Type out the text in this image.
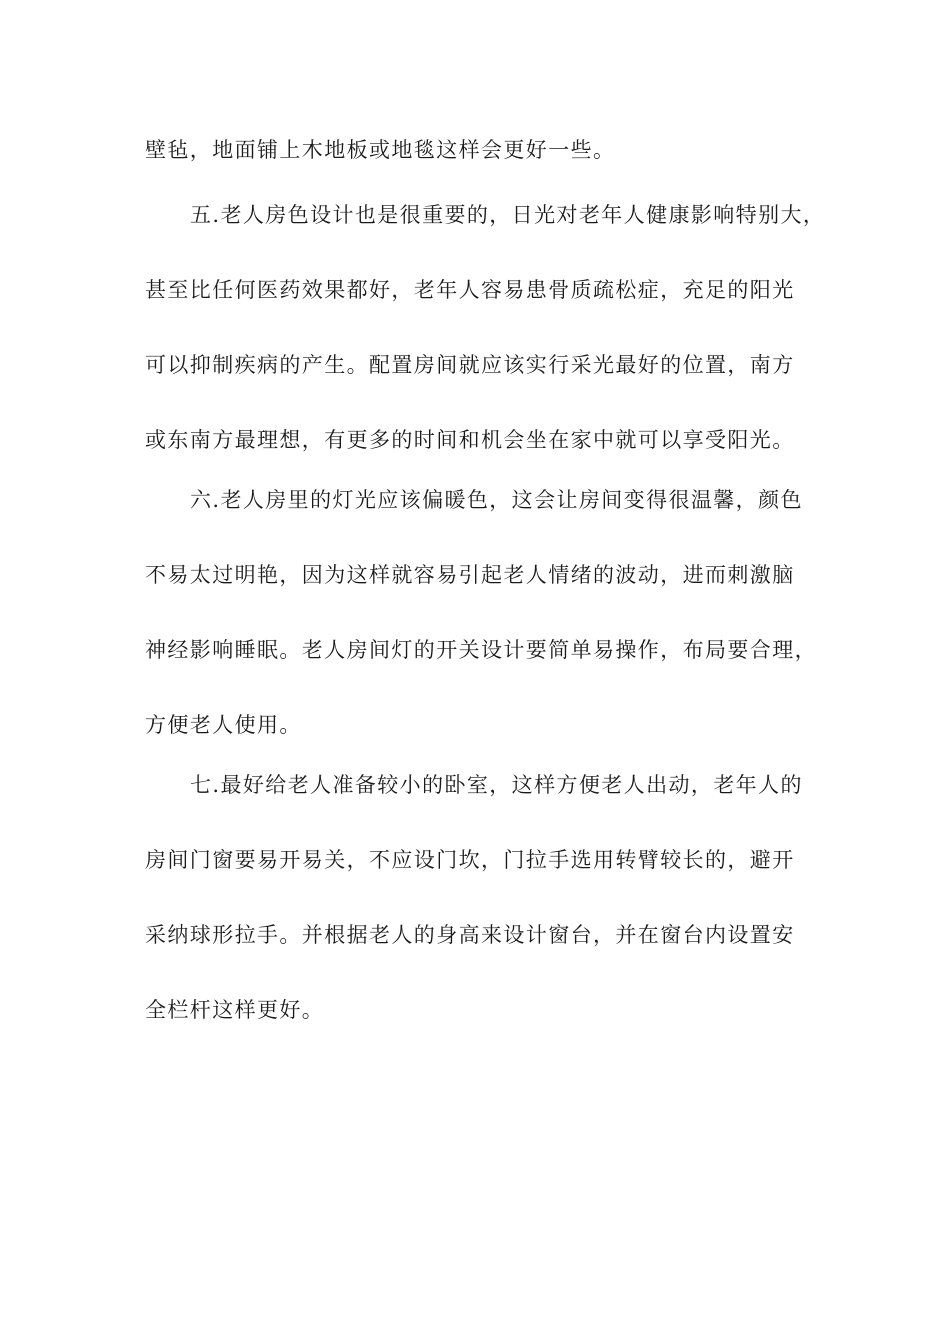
壁毡，地面铺上木地板或地毯这样会更好一些。
五.老人房色设计也是很重要的，日光对老年人健康影响特别大，
甚至比任何医药效果都好，老年人容易患骨质疏松症，充足的阳光
可以抑制疾病的产生。配置房间就应该实行采光最好的位置，南方
或东南方最理想，有更多的时间和机会坐在家中就可以享受阳光。
六.老人房里的灯光应该偏暖色，这会让房间变得很温馨，颜色
不易太过明艳，因为这样就容易引起老人情绪的波动，进而刺激脑
神经影响睡眠。老人房间灯的开关设计要简单易操作，布局要合理，
方便老人使用。
七.最好给老人准备较小的卧室，这样方便老人出动，老年人的
房间门窗要易开易关，不应设门坎，门拉手选用转臂较长的，避开
采纳球形拉手。并根据老人的身高来设计窗台，并在窗台内设置安
全栏杆这样更好。
